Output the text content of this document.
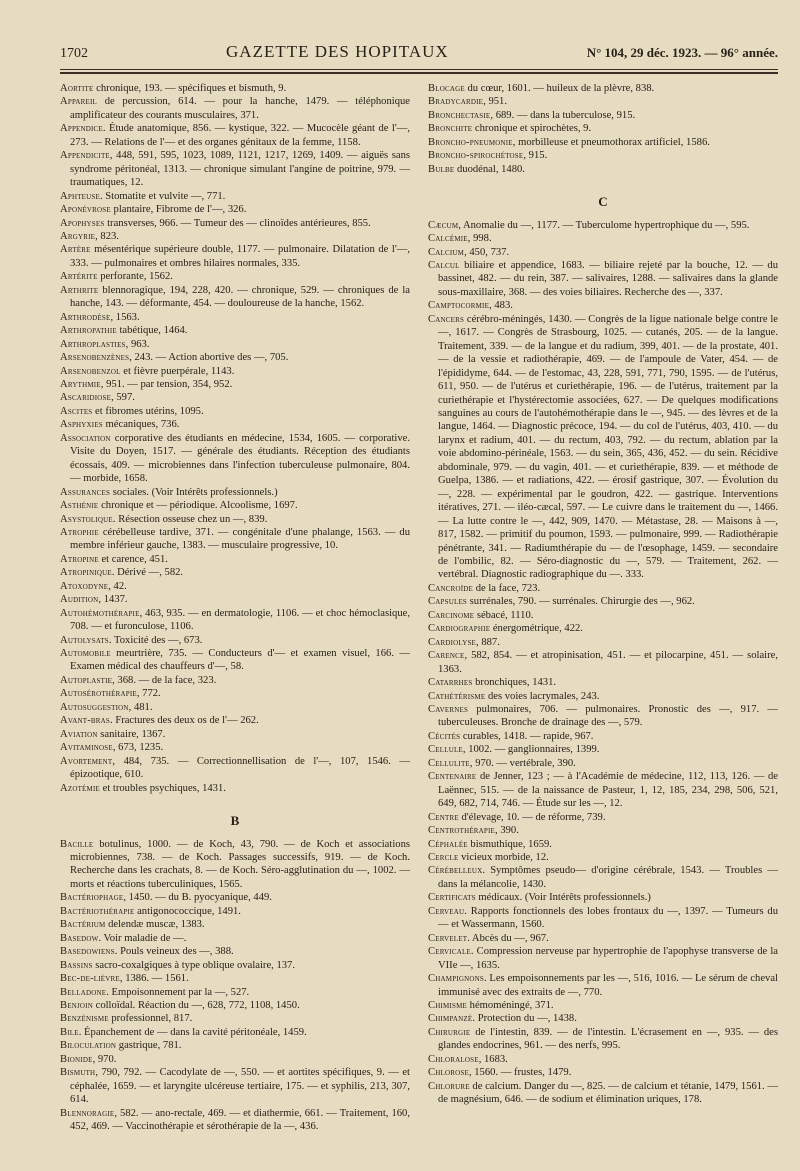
1702	GAZETTE DES HOPITAUX	N° 104, 29 déc. 1923. — 96° année.

Aortite chronique, 193. — spécifiques et bismuth, 9.

Appareil de percussion, 614. — pour la hanche, 1479. — téléphonique amplificateur des courants musculaires, 371.

Appendice. Étude anatomique, 856. — kystique, 322. — Mucocèle géant de l'—, 273. — Relations de l'— et des organes génitaux de la femme, 1158.

Appendicite, 448, 591, 595, 1023, 1089, 1121, 1217, 1269, 1409. — aiguës sans syndrome péritonéal, 1313. — chronique simulant l'angine de poitrine, 979. — traumatiques, 12.

Aphteuse. Stomatite et vulvite —, 771.

Aponévrose plantaire, Fibrome de l'—, 326.

Apophyses transverses, 966. — Tumeur des — clinoïdes antérieures, 855.

Argyrie, 823.

Artère mésentérique supérieure double, 1177. — pulmonaire. Dilatation de l'—, 333. — pulmonaires et ombres hilaires normales, 335.

Artérite perforante, 1562.

Arthrite blennoragique, 194, 228, 420. — chronique, 529. — chroniques de la hanche, 143. — déformante, 454. — douloureuse de la hanche, 1562.

Arthrodèse, 1563.

Arthropathie tabétique, 1464.

Arthroplasties, 963.

Arsenobenzènes, 243. — Action abortive des —, 705.

Arsenobenzol et fièvre puerpérale, 1143.

Arythmie, 951. — par tension, 354, 952.

Ascaridiose, 597.

Ascites et fibromes utérins, 1095.

Asphyxies mécaniques, 736.

Association corporative des étudiants en médecine, 1534, 1605. — corporative. Visite du Doyen, 1517. — générale des étudiants. Réception des étudiants écossais, 409. — microbiennes dans l'infection tuberculeuse pulmonaire, 804. — morbide, 1658.

Assurances sociales. (Voir Intérêts professionnels.)

Asthénie chronique et — périodique. Alcoolisme, 1697.

Asystolique. Résection osseuse chez un —, 839.

Atrophie cérébelleuse tardive, 371. — congénitale d'une phalange, 1563. — du membre inférieur gauche, 1383. — musculaire progressive, 10.

Atropine et carence, 451.

Atropinique. Dérivé —, 582.

Atoxodyne, 42.

Audition, 1437.

Autohémothérapie, 463, 935. — en dermatologie, 1106. — et choc hémoclasique, 708. — et furonculose, 1106.

Autolysats. Toxicité des —, 673.

Automobile meurtrière, 735. — Conducteurs d'— et examen visuel, 166. — Examen médical des chauffeurs d'—, 58.

Autoplastie, 368. — de la face, 323.

Autosérothérapie, 772.

Autosuggestion, 481.

Avant-bras. Fractures des deux os de l'— 262.

Aviation sanitaire, 1367.

Avitaminose, 673, 1235.

Avortement, 484, 735. — Correctionnellisation de l'—, 107, 1546. — épizootique, 610.

Azotémie et troubles psychiques, 1431.

B

Bacille botulinus, 1000. — de Koch, 43, 790. — de Koch et associations microbiennes, 738. — de Koch. Passages successifs, 919. — de Koch. Recherche dans les crachats, 8. — de Koch. Séro-agglutination du —, 1002. — morts et réactions tuberculiniques, 1565.

Bactériophage, 1450. — du B. pyocyanique, 449.

Bactériothérapie antigonococcique, 1491.

Bactérium delendæ muscæ, 1383.

Basedow. Voir maladie de —.

Basedowiens. Pouls veineux des —, 388.

Bassins sacro-coxalgiques à type oblique ovalaire, 137.

Bec-de-lièvre, 1386. — 1561.

Belladone. Empoisonnement par la —, 527.

Benjoin colloïdal. Réaction du —, 628, 772, 1108, 1450.

Benzénisme professionnel, 817.

Bile. Épanchement de — dans la cavité péritonéale, 1459.

Biloculation gastrique, 781.

Bionide, 970.

Bismuth, 790, 792. — Cacodylate de —, 550. — et aortites spécifiques, 9. — et céphalée, 1659. — et laryngite ulcéreuse tertiaire, 175. — et syphilis, 213, 307, 614.

Blennoragie, 582. — ano-rectale, 469. — et diathermie, 661. — Traitement, 160, 452, 469. — Vaccinothérapie et sérothérapie de la —, 436.

Blocage du cœur, 1601. — huileux de la plèvre, 838.

Bradycardie, 951.

Bronchectasie, 689. — dans la tuberculose, 915.

Bronchite chronique et spirochètes, 9.

Broncho-pneumonie, morbilleuse et pneumothorax artificiel, 1586.

Broncho-spirochétose, 915.

Bulbe duodénal, 1480.

C

Cæcum, Anomalie du —, 1177. — Tuberculome hypertrophique du —, 595.

Calcémie, 998.

Calcium, 450, 737.

Calcul biliaire et appendice, 1683. — biliaire rejeté par la bouche, 12. — du bassinet, 482. — du rein, 387. — salivaires, 1288. — salivaires dans la glande sous-maxillaire, 368. — des voies biliaires. Recherche des —, 337.

Camptocormie, 483.

Cancers cérébro-méningés, 1430. — Congrès de la ligue nationale belge contre le —, 1617. — Congrès de Strasbourg, 1025. — cutanés, 205. — de la langue. Traitement, 339. — de la langue et du radium, 399, 401. — de la prostate, 401. — de la vessie et radiothérapie, 469. — de l'ampoule de Vater, 454. — de l'épididyme, 644. — de l'estomac, 43, 228, 591, 771, 790, 1595. — de l'utérus, 611, 950. — de l'utérus et curiethérapie, 196. — de l'utérus, traitement par la curiethérapie et l'hystérectomie associées, 627. — De quelques modifications sanguines au cours de l'autohémothérapie dans le —, 945. — des lèvres et de la langue, 1464. — Diagnostic précoce, 194. — du col de l'utérus, 403, 410. — du larynx et radium, 401. — du rectum, 403, 792. — du rectum, ablation par la voie abdomino-périnéale, 1563. — du sein, 365, 436, 452. — du sein. Récidive abdominale, 979. — du vagin, 401. — et curiethérapie, 839. — et méthode de Guelpa, 1386. — et radiations, 422. — érosif gastrique, 307. — Évolution du —, 228. — expérimental par le goudron, 422. — gastrique. Interventions itératives, 271. — iléo-cæcal, 597. — Le cuivre dans le traitement du —, 1466. — La lutte contre le —, 442, 909, 1470. — Métastase, 28. — Maisons à —, 817, 1582. — primitif du poumon, 1593. — pulmonaire, 999. — Radiothérapie pénétrante, 341. — Radiumthérapie du — de l'œsophage, 1459. — secondaire de l'ombilic, 82. — Séro-diagnostic du —, 579. — Traitement, 262. — vertébral. Diagnostic radiographique du —. 333.

Cancroïde de la face, 723.

Capsules surrénales, 790. — surrénales. Chirurgie des —, 962.

Carcinome sébacé, 1110.

Cardiographie énergométrique, 422.

Cardiolyse, 887.

Carence, 582, 854. — et atropinisation, 451. — et pilocarpine, 451. — solaire, 1363.

Catarrhes bronchiques, 1431.

Cathétérisme des voies lacrymales, 243.

Cavernes pulmonaires, 706. — pulmonaires. Pronostic des —, 917. — tuberculeuses. Bronche de drainage des —, 579.

Cécités curables, 1418. — rapide, 967.

Cellule, 1002. — ganglionnaires, 1399.

Cellulite, 970. — vertébrale, 390.

Centenaire de Jenner, 123 ; — à l'Académie de médecine, 112, 113, 126. — de Laënnec, 515. — de la naissance de Pasteur, 1, 12, 185, 234, 298, 506, 521, 649, 682, 714, 746. — Étude sur les —, 12.

Centre d'élevage, 10. — de réforme, 739.

Centrothérapie, 390.

Céphalée bismuthique, 1659.

Cercle vicieux morbide, 12.

Cérébelleux. Symptômes pseudo— d'origine cérébrale, 1543. — Troubles — dans la mélancolie, 1430.

Certificats médicaux. (Voir Intérêts professionnels.)

Cerveau. Rapports fonctionnels des lobes frontaux du —, 1397. — Tumeurs du — et Wassermann, 1560.

Cervelet. Abcès du —, 967.

Cervicale. Compression nerveuse par hypertrophie de l'apophyse transverse de la VIIe —, 1635.

Champignons. Les empoisonnements par les —, 516, 1016. — Le sérum de cheval immunisé avec des extraits de —, 770.

Chimisme hémoméningé, 371.

Chimpanzé. Protection du —, 1438.

Chirurgie de l'intestin, 839. — de l'intestin. L'écrasement en —, 935. — des glandes endocrines, 961. — des nerfs, 995.

Chloralose, 1683.

Chlorose, 1560. — frustes, 1479.

Chlorure de calcium. Danger du —, 825. — de calcium et tétanie, 1479, 1561. — de magnésium, 646. — de sodium et élimination uriques, 178.
